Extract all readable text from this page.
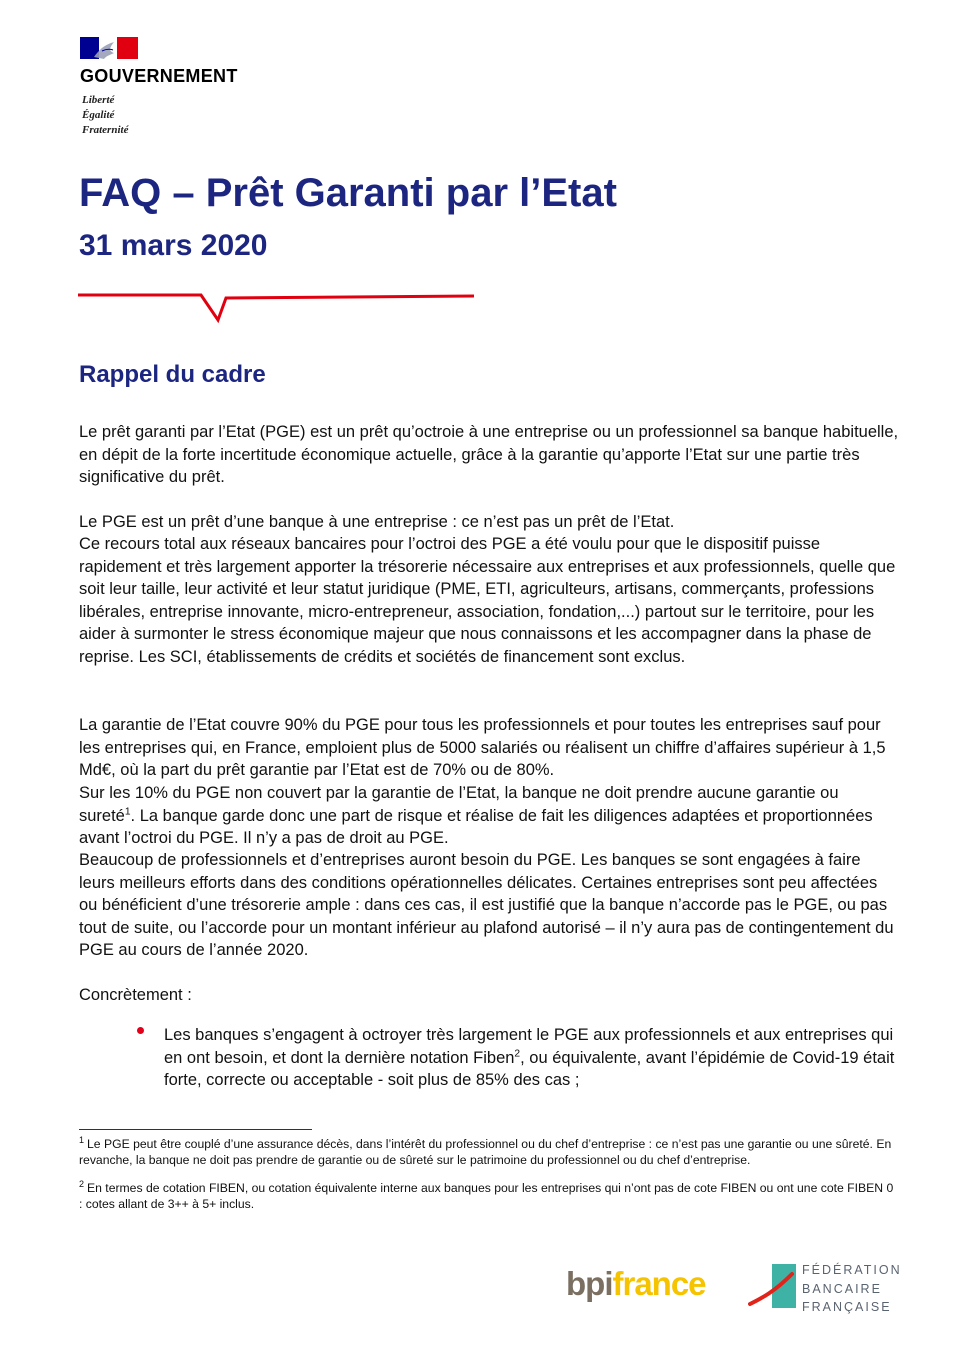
GOUVERNEMENT
Liberté
Égalité
Fraternité
FAQ – Prêt Garanti par l’Etat
31 mars 2020
Rappel du cadre

Le prêt garanti par l’Etat (PGE) est un prêt qu’octroie à une entreprise ou un professionnel sa banque habituelle, en dépit de la forte incertitude économique actuelle, grâce à la garantie qu’apporte l’Etat sur une partie très significative du prêt.

Le PGE est un prêt d’une banque à une entreprise : ce n’est pas un prêt de l’Etat.

Ce recours total aux réseaux bancaires pour l’octroi des PGE a été voulu pour que le dispositif puisse rapidement et très largement apporter la trésorerie nécessaire aux entreprises et aux professionnels, quelle que soit leur taille, leur activité et leur statut juridique (PME, ETI, agriculteurs, artisans, commerçants, professions libérales, entreprise innovante, micro-entrepreneur, association, fondation,...) partout sur le territoire, pour les aider à surmonter le stress économique majeur que nous connaissons et les accompagner dans la phase de reprise. Les SCI, établissements de crédits et sociétés de financement sont exclus.

La garantie de l’Etat couvre 90% du PGE pour tous les professionnels et pour toutes les entreprises sauf pour les entreprises qui, en France, emploient plus de 5000 salariés ou réalisent un chiffre d’affaires supérieur à 1,5 Md€, où la part du prêt garantie par l’Etat est de 70% ou de 80%.

Sur les 10% du PGE non couvert par la garantie de l’Etat, la banque ne doit prendre aucune garantie ou sureté$^1$. La banque garde donc une part de risque et réalise de fait les diligences adaptées et proportionnées avant l’octroi du PGE. Il n’y a pas de droit au PGE.

Beaucoup de professionnels et d’entreprises auront besoin du PGE. Les banques se sont engagées à faire leurs meilleurs efforts dans des conditions opérationnelles délicates. Certaines entreprises sont peu affectées ou bénéficient d’une trésorerie ample : dans ces cas, il est justifié que la banque n’accorde pas le PGE, ou pas tout de suite, ou l’accorde pour un montant inférieur au plafond autorisé – il n’y aura pas de contingentement du PGE au cours de l’année 2020.

Concrètement :

Les banques s’engagent à octroyer très largement le PGE aux professionnels et aux entreprises qui en ont besoin, et dont la dernière notation Fiben$^2$, ou équivalente, avant l’épidémie de Covid-19 était forte, correcte ou acceptable - soit plus de 85% des cas ;

$^1$ Le PGE peut être couplé d’une assurance décès, dans l’intérêt du professionnel ou du chef d’entreprise : ce n’est pas une garantie ou une sûreté. En revanche, la banque ne doit pas prendre de garantie ou de sûreté sur le patrimoine du professionnel ou du chef d’entreprise.

$^2$ En termes de cotation FIBEN, ou cotation équivalente interne aux banques pour les entreprises qui n’ont pas de cote FIBEN ou ont une cote FIBEN 0 : cotes allant de 3++ à 5+ inclus.

bpifrance	FÉDÉRATION
BANCAIRE
FRANÇAISE
